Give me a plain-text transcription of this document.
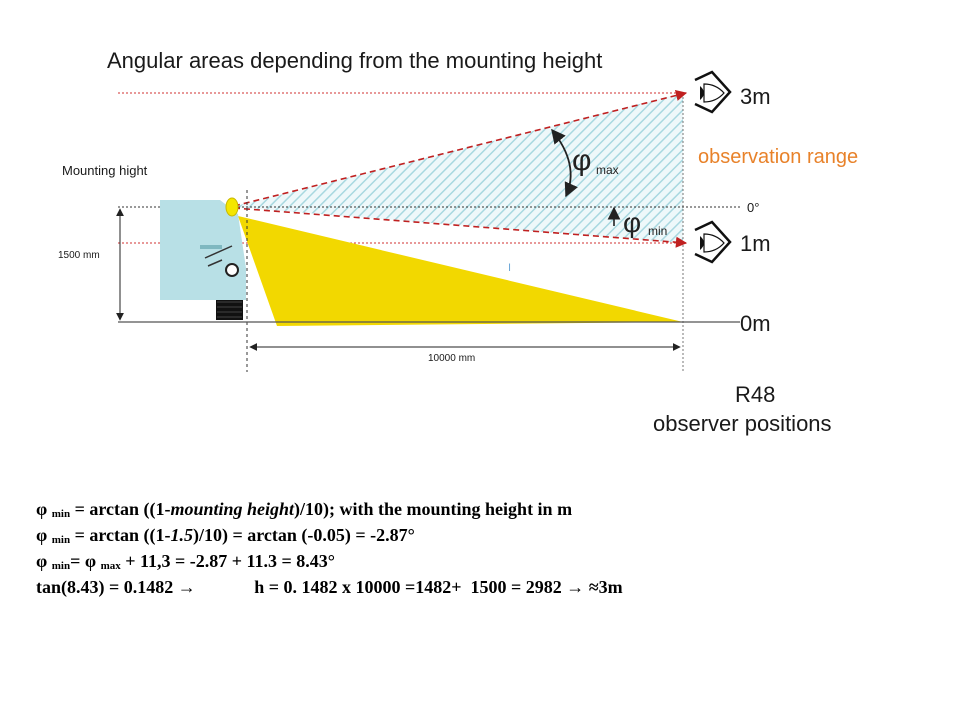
Angular areas depending from the mounting height
Mounting hight
1500 mm
10000 mm
I
φ max
φ min
3m
observation range
0°
1m
0m
R48
observer positions
φ $_{min}$ = arctan ((1-mounting height)/10); with the mounting height in m
φ $_{min}$ = arctan ((1-1.5)/10) = arctan (-0.05) = -2.87°
φ $_{min}$= φ $_{max}$ + 11,3 = -2.87 + 11.3 = 8.43°
tan(8.43) = 0.1482 →             h = 0. 1482 x 10000 =1482+  1500 = 2982 → ≈3m
